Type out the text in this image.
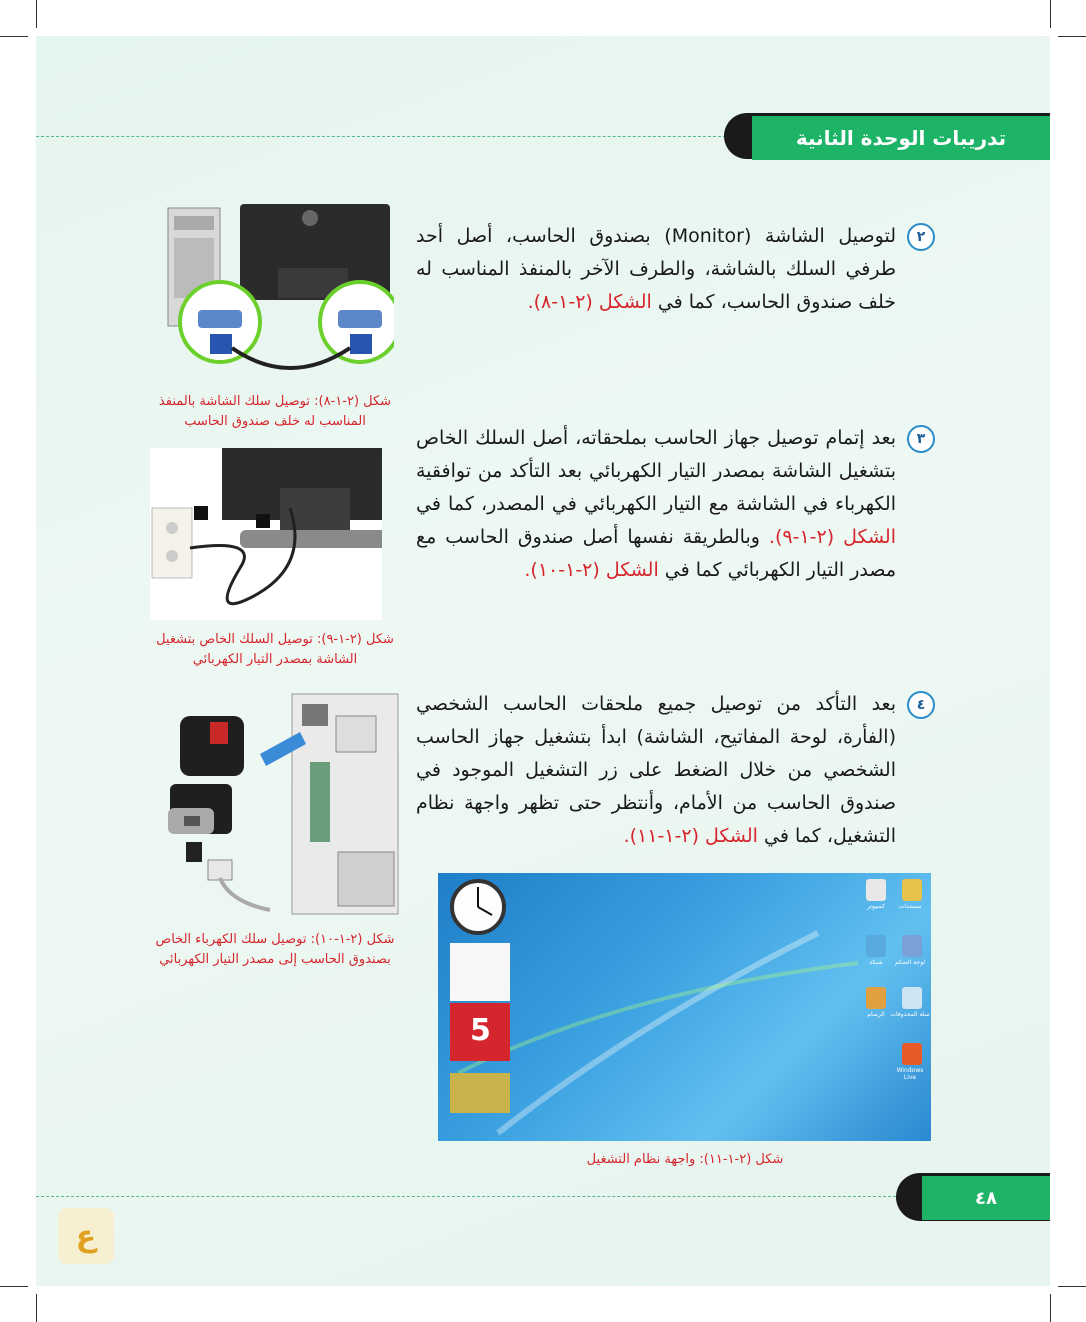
تدريبات الوحدة الثانية
٢
لتوصيل الشاشة (Monitor) بصندوق الحاسب، أصل أحد طرفي السلك بالشاشة، والطرف الآخر بالمنفذ المناسب له خلف صندوق الحاسب، كما في الشكل (٢-١-٨).
شكل (٢-١-٨): توصيل سلك الشاشة بالمنفذ المناسب له خلف صندوق الحاسب
٣
بعد إتمام توصيل جهاز الحاسب بملحقاته، أصل السلك الخاص بتشغيل الشاشة بمصدر التيار الكهربائي بعد التأكد من توافقية الكهرباء في الشاشة مع التيار الكهربائي في المصدر، كما في الشكل (٢-١-٩). وبالطريقة نفسها أصل صندوق الحاسب مع مصدر التيار الكهربائي كما في الشكل (٢-١-١٠).
شكل (٢-١-٩): توصيل السلك الخاص بتشغيل الشاشة بمصدر التيار الكهربائي
٤
بعد التأكد من توصيل جميع ملحقات الحاسب الشخصي (الفأرة، لوحة المفاتيح، الشاشة) ابدأ بتشغيل جهاز الحاسب الشخصي من خلال الضغط على زر التشغيل الموجود في صندوق الحاسب من الأمام، وأنتظر حتى تظهر واجهة نظام التشغيل، كما في الشكل (٢-١-١١).
شكل (٢-١-١٠): توصيل سلك الكهرباء الخاص بصندوق الحاسب إلى مصدر التيار الكهربائي
5
كمبيوتر	مستندات
شبكة	لوحة التحكم
سلة المحذوفات
الرسام
Windows Live
شكل (٢-١-١١): واجهة نظام التشغيل
٤٨
ع
